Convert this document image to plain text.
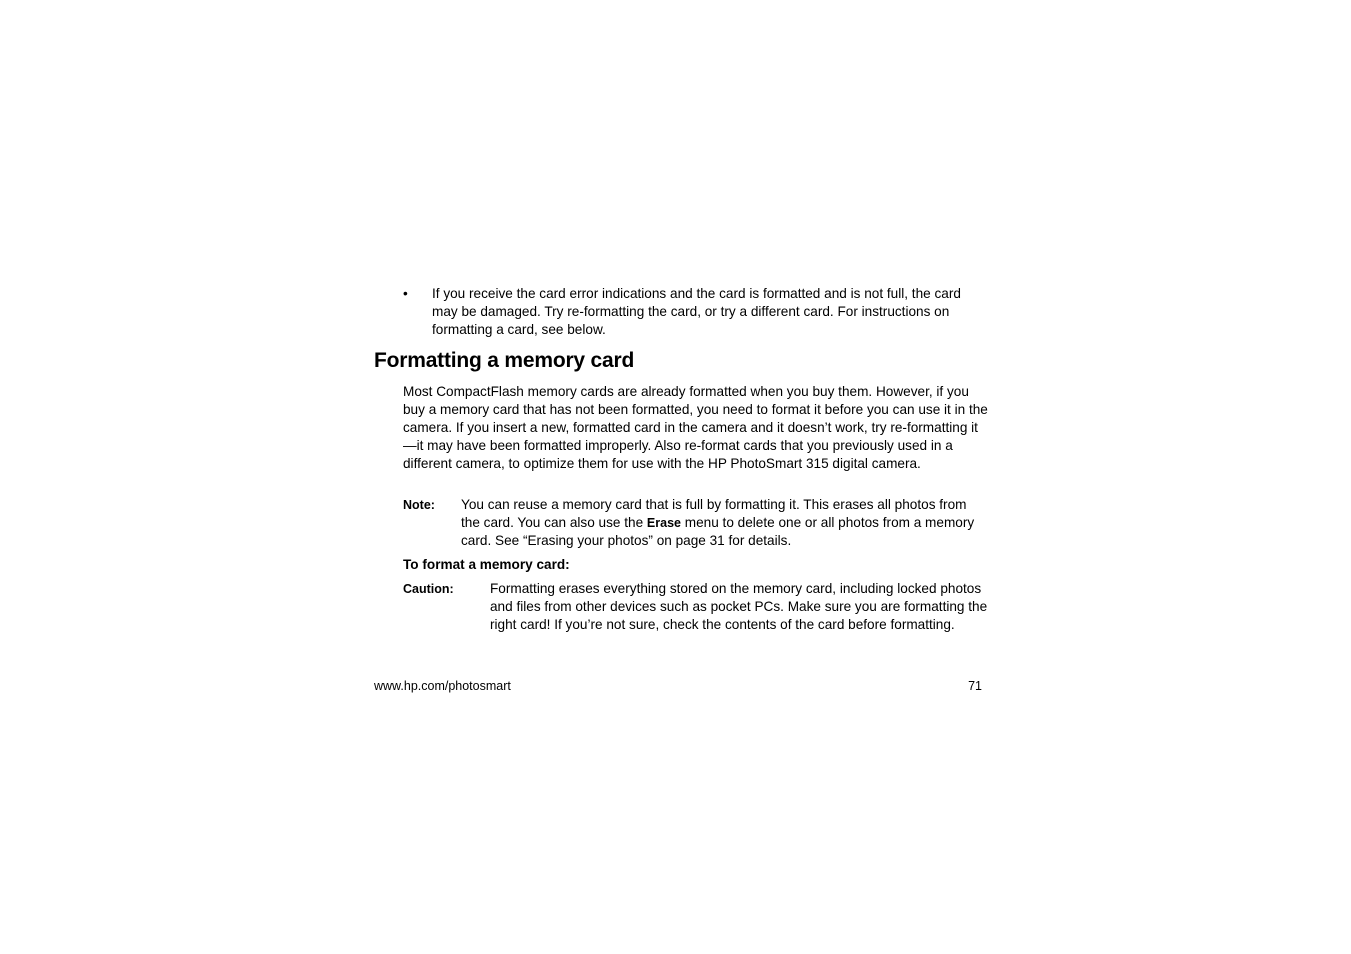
•	If you receive the card error indications and the card is formatted and is not full, the card may be damaged. Try re-formatting the card, or try a different card. For instructions on formatting a card, see below.
Formatting a memory card

Most CompactFlash memory cards are already formatted when you buy them. However, if you buy a memory card that has not been formatted, you need to format it before you can use it in the camera. If you insert a new, formatted card in the camera and it doesn’t work, try re-formatting it—it may have been formatted improperly. Also re-format cards that you previously used in a different camera, to optimize them for use with the HP PhotoSmart 315 digital camera.

Note: You can reuse a memory card that is full by formatting it. This erases all photos from the card. You can also use the Erase menu to delete one or all photos from a memory card. See “Erasing your photos” on page 31 for details.
To format a memory card:
Caution:	Formatting erases everything stored on the memory card, including locked photos and files from other devices such as pocket PCs. Make sure you are formatting the right card! If you’re not sure, check the contents of the card before formatting.
www.hp.com/photosmart	71
